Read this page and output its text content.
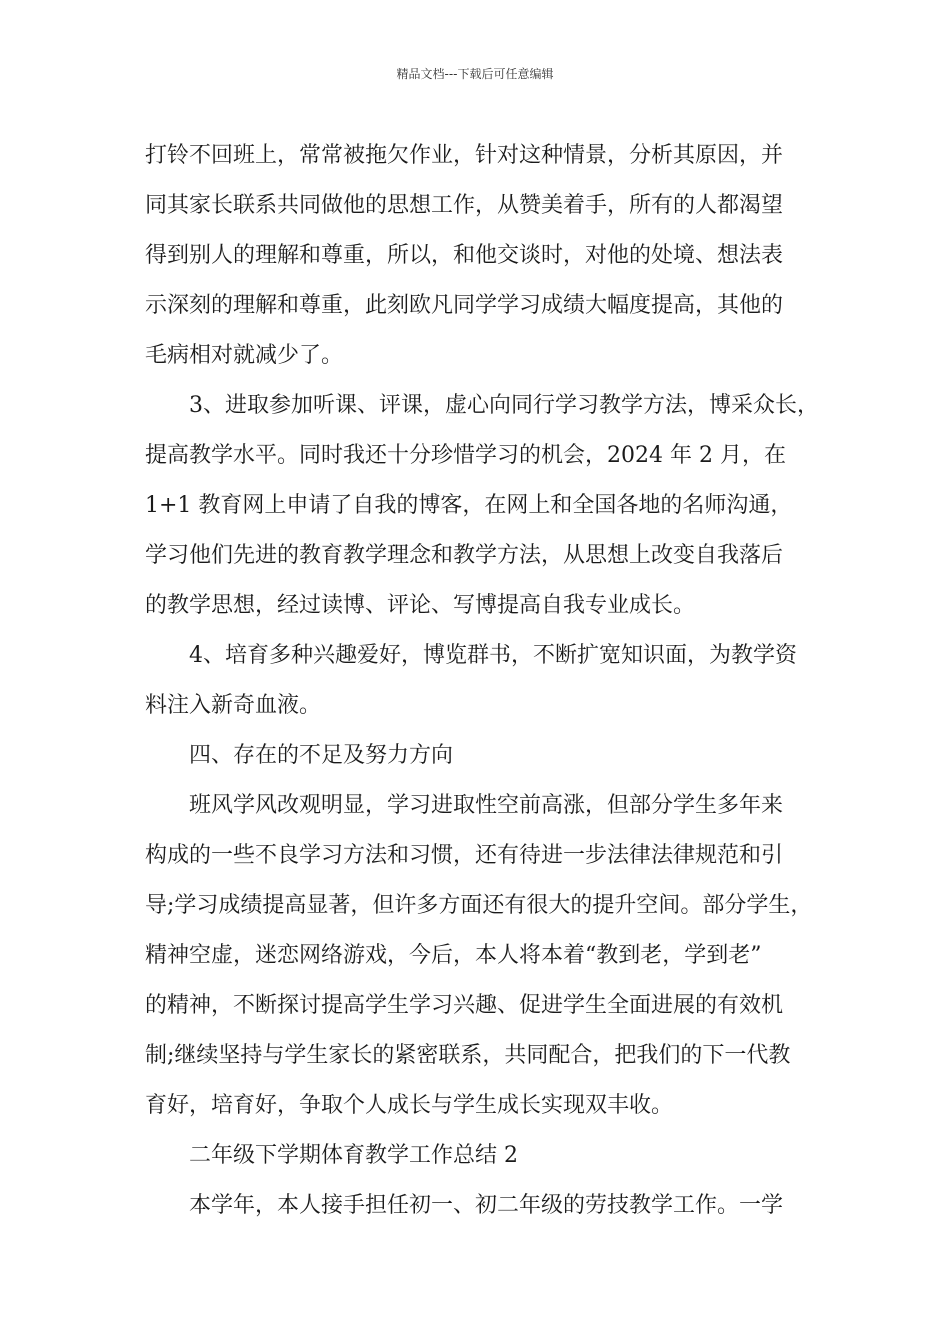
精品文档---下载后可任意编辑
打铃不回班上，常常被拖欠作业，针对这种情景，分析其原因，并
同其家长联系共同做他的思想工作，从赞美着手，所有的人都渴望
得到别人的理解和尊重，所以，和他交谈时，对他的处境、想法表
示深刻的理解和尊重，此刻欧凡同学学习成绩大幅度提高，其他的
毛病相对就减少了。
3、进取参加听课、评课，虚心向同行学习教学方法，博采众长，
提高教学水平。同时我还十分珍惜学习的机会，2024 年 2 月，在
1+1 教育网上申请了自我的博客，在网上和全国各地的名师沟通，
学习他们先进的教育教学理念和教学方法，从思想上改变自我落后
的教学思想，经过读博、评论、写博提高自我专业成长。
4、培育多种兴趣爱好，博览群书，不断扩宽知识面，为教学资
料注入新奇血液。
四、存在的不足及努力方向
班风学风改观明显，学习进取性空前高涨，但部分学生多年来
构成的一些不良学习方法和习惯，还有待进一步法律法律规范和引
导;学习成绩提高显著，但许多方面还有很大的提升空间。部分学生，
精神空虚，迷恋网络游戏，今后，本人将本着“教到老，学到老”
的精神，不断探讨提高学生学习兴趣、促进学生全面进展的有效机
制;继续坚持与学生家长的紧密联系，共同配合，把我们的下一代教
育好，培育好，争取个人成长与学生成长实现双丰收。
二年级下学期体育教学工作总结 2
本学年，本人接手担任初一、初二年级的劳技教学工作。一学
